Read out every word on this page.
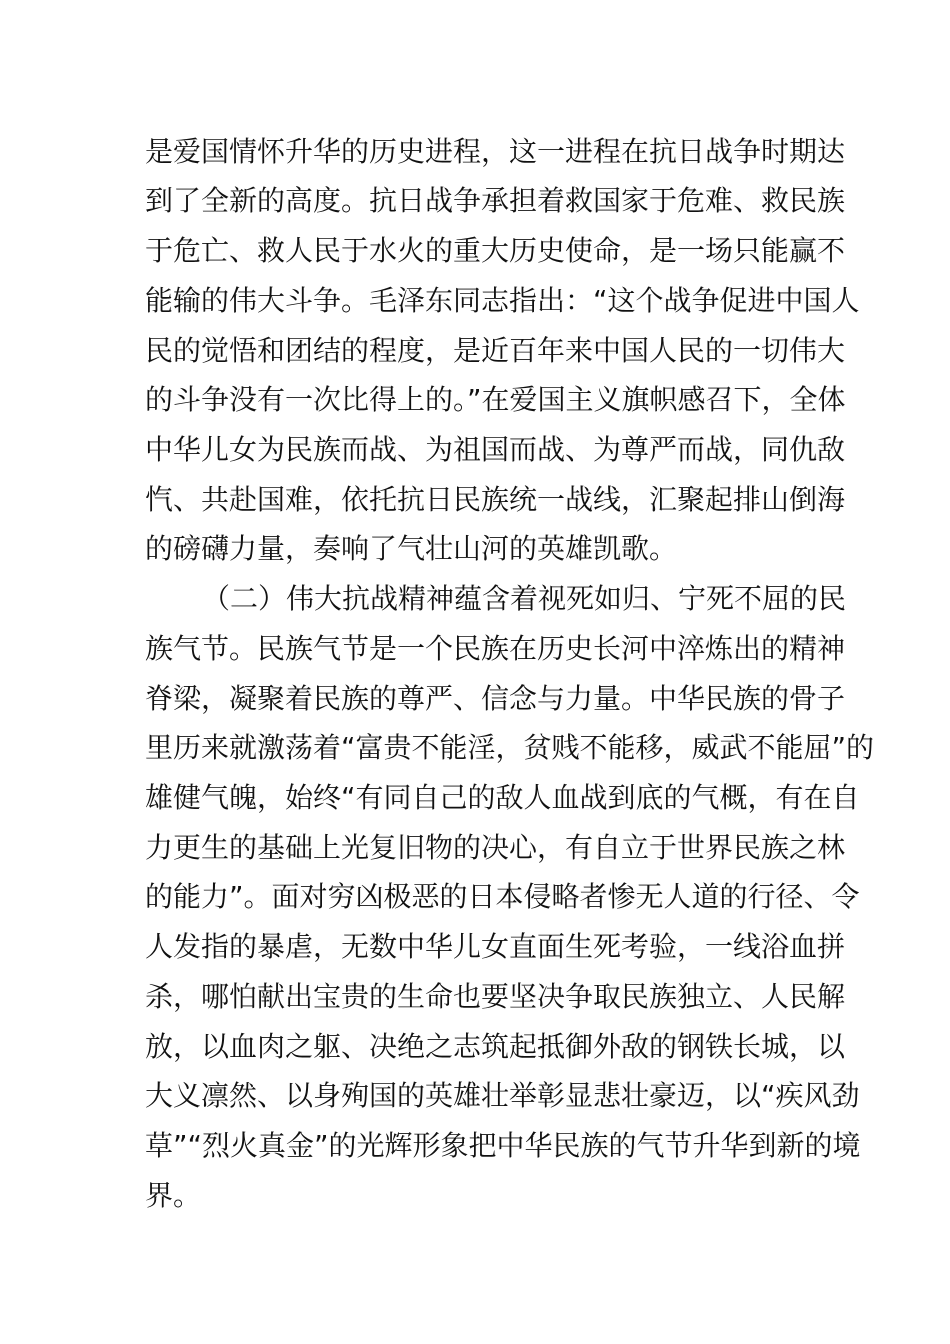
是爱国情怀升华的历史进程，这一进程在抗日战争时期达
到了全新的高度。抗日战争承担着救国家于危难、救民族
于危亡、救人民于水火的重大历史使命，是一场只能赢不
能输的伟大斗争。毛泽东同志指出：“这个战争促进中国人
民的觉悟和团结的程度，是近百年来中国人民的一切伟大
的斗争没有一次比得上的。”在爱国主义旗帜感召下，全体
中华儿女为民族而战、为祖国而战、为尊严而战，同仇敌
忾、共赴国难，依托抗日民族统一战线，汇聚起排山倒海
的磅礴力量，奏响了气壮山河的英雄凯歌。
（二）伟大抗战精神蕴含着视死如归、宁死不屈的民
族气节。民族气节是一个民族在历史长河中淬炼出的精神
脊梁，凝聚着民族的尊严、信念与力量。中华民族的骨子
里历来就激荡着“富贵不能淫，贫贱不能移，威武不能屈”的
雄健气魄，始终“有同自己的敌人血战到底的气概，有在自
力更生的基础上光复旧物的决心，有自立于世界民族之林
的能力”。面对穷凶极恶的日本侵略者惨无人道的行径、令
人发指的暴虐，无数中华儿女直面生死考验，一线浴血拼
杀，哪怕献出宝贵的生命也要坚决争取民族独立、人民解
放，以血肉之躯、决绝之志筑起抵御外敌的钢铁长城，以
大义凛然、以身殉国的英雄壮举彰显悲壮豪迈，以“疾风劲
草”“烈火真金”的光辉形象把中华民族的气节升华到新的境
界。
